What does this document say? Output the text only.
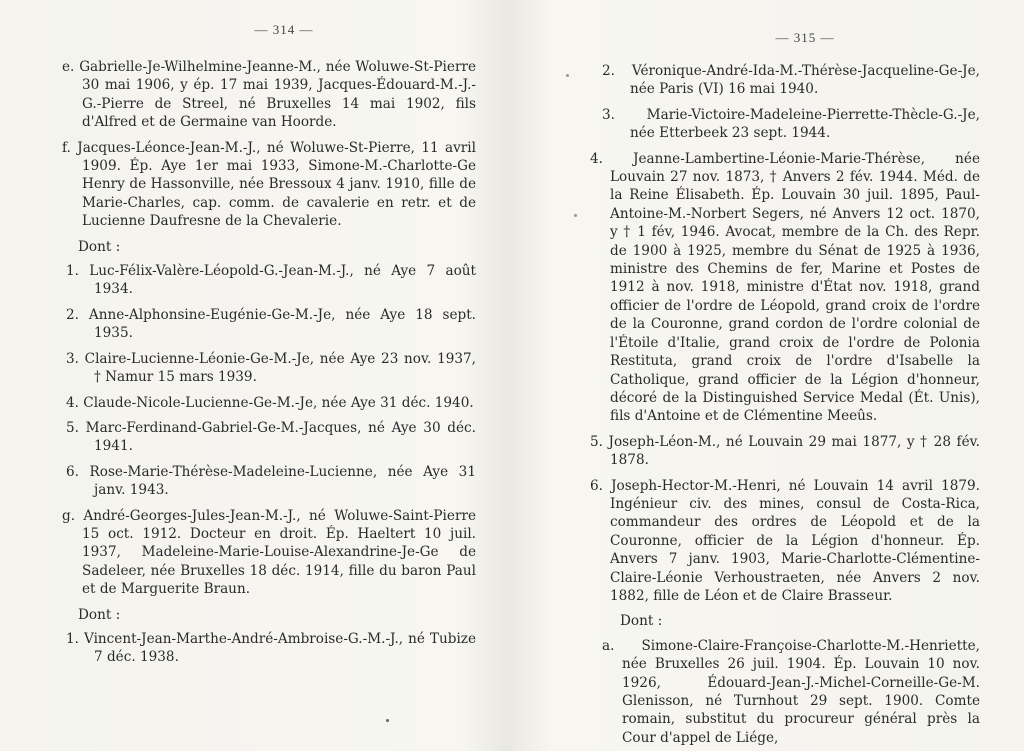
— 314 —

e. Gabrielle-Je-Wilhelmine-Jeanne-M., née Woluwe-St-Pierre 30 mai 1906, y ép. 17 mai 1939, Jacques-Édouard-M.-J.-G.-Pierre de Streel, né Bruxelles 14 mai 1902, fils d'Alfred et de Germaine van Hoorde.

f. Jacques-Léonce-Jean-M.-J., né Woluwe-St-Pierre, 11 avril 1909. Ép. Aye 1er mai 1933, Simone-M.-Charlotte-Ge Henry de Hassonville, née Bressoux 4 janv. 1910, fille de Marie-Charles, cap. comm. de cavalerie en retr. et de Lucienne Daufresne de la Chevalerie.

Dont :

1. Luc-Félix-Valère-Léopold-G.-Jean-M.-J., né Aye 7 août 1934.

2. Anne-Alphonsine-Eugénie-Ge-M.-Je, née Aye 18 sept. 1935.

3. Claire-Lucienne-Léonie-Ge-M.-Je, née Aye 23 nov. 1937, † Namur 15 mars 1939.

4. Claude-Nicole-Lucienne-Ge-M.-Je, née Aye 31 déc. 1940.

5. Marc-Ferdinand-Gabriel-Ge-M.-Jacques, né Aye 30 déc. 1941.

6. Rose-Marie-Thérèse-Madeleine-Lucienne, née Aye 31 janv. 1943.

g. André-Georges-Jules-Jean-M.-J., né Woluwe-Saint-Pierre 15 oct. 1912. Docteur en droit. Ép. Haeltert 10 juil. 1937, Madeleine-Marie-Louise-Alexandrine-Je-Ge de Sadeleer, née Bruxelles 18 déc. 1914, fille du baron Paul et de Marguerite Braun.

Dont :

1. Vincent-Jean-Marthe-André-Ambroise-G.-M.-J., né Tubize 7 déc. 1938.

— 315 —

2. Véronique-André-Ida-M.-Thérèse-Jacqueline-Ge-Je, née Paris (VI) 16 mai 1940.

3. Marie-Victoire-Madeleine-Pierrette-Thècle-G.-Je, née Etterbeek 23 sept. 1944.

4. Jeanne-Lambertine-Léonie-Marie-Thérèse, née Louvain 27 nov. 1873, † Anvers 2 fév. 1944. Méd. de la Reine Élisabeth. Ép. Louvain 30 juil. 1895, Paul-Antoine-M.-Norbert Segers, né Anvers 12 oct. 1870, y † 1 fév, 1946. Avocat, membre de la Ch. des Repr. de 1900 à 1925, membre du Sénat de 1925 à 1936, ministre des Chemins de fer, Marine et Postes de 1912 à nov. 1918, ministre d'État nov. 1918, grand officier de l'ordre de Léopold, grand croix de l'ordre de la Couronne, grand cordon de l'ordre colonial de l'Étoile d'Italie, grand croix de l'ordre de Polonia Restituta, grand croix de l'ordre d'Isabelle la Catholique, grand officier de la Légion d'honneur, décoré de la Distinguished Service Medal (Ét. Unis), fils d'Antoine et de Clémentine Meeûs.

5. Joseph-Léon-M., né Louvain 29 mai 1877, y † 28 fév. 1878.

6. Joseph-Hector-M.-Henri, né Louvain 14 avril 1879. Ingénieur civ. des mines, consul de Costa-Rica, commandeur des ordres de Léopold et de la Couronne, officier de la Légion d'honneur. Ép. Anvers 7 janv. 1903, Marie-Charlotte-Clémentine-Claire-Léonie Verhoustraeten, née Anvers 2 nov. 1882, fille de Léon et de Claire Brasseur.

Dont :

a. Simone-Claire-Françoise-Charlotte-M.-Henriette, née Bruxelles 26 juil. 1904. Ép. Louvain 10 nov. 1926, Édouard-Jean-J.-Michel-Corneille-Ge-M. Glenisson, né Turnhout 29 sept. 1900. Comte romain, substitut du procureur général près la Cour d'appel de Liége,
